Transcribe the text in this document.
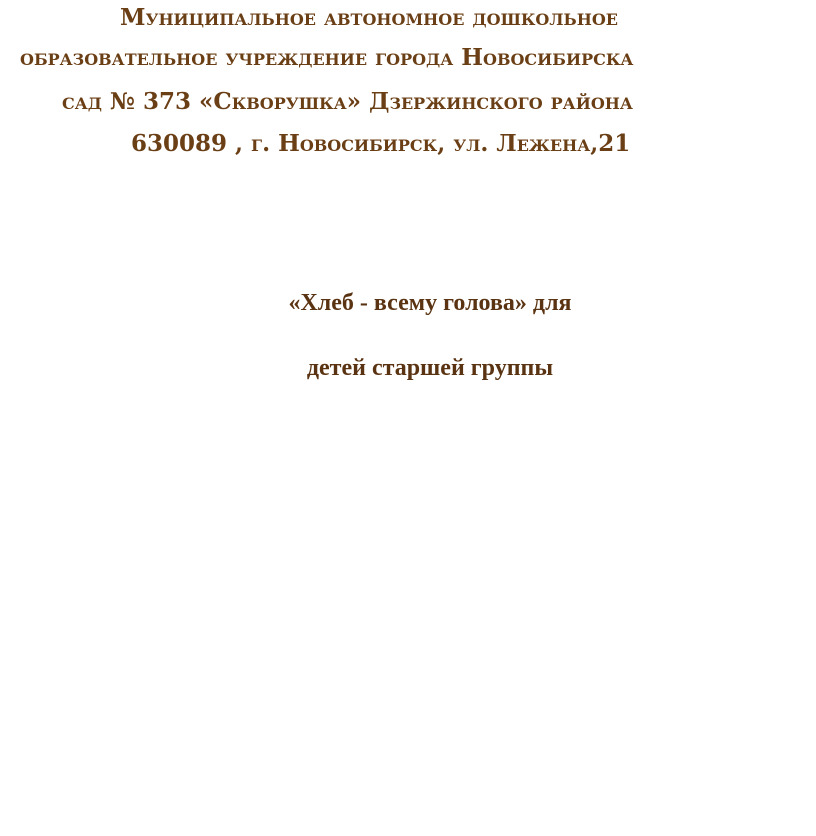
Муниципальное автономное дошкольное
образовательное учреждение города Новосибирска
сад № 373 «Скворушка» Дзержинского района
630089 , г. Новосибирск, ул. Лежена,21
«Хлеб - всему голова» для
детей старшей группы
